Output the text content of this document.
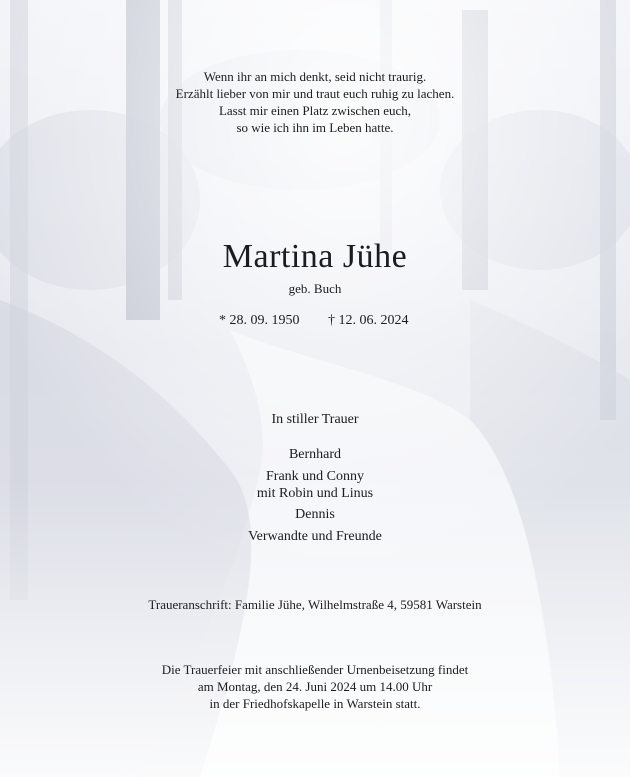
Wenn ihr an mich denkt, seid nicht traurig.
Erzählt lieber von mir und traut euch ruhig zu lachen.
Lasst mir einen Platz zwischen euch,
so wie ich ihn im Leben hatte.
Martina Jühe
geb. Buch
* 28. 09. 1950 † 12. 06. 2024
In stiller Trauer
Bernhard
Frank und Conny
mit Robin und Linus
Dennis
Verwandte und Freunde
Traueranschrift: Familie Jühe, Wilhelmstraße 4, 59581 Warstein
Die Trauerfeier mit anschließender Urnenbeisetzung findet
am Montag, den 24. Juni 2024 um 14.00 Uhr
in der Friedhofskapelle in Warstein statt.
